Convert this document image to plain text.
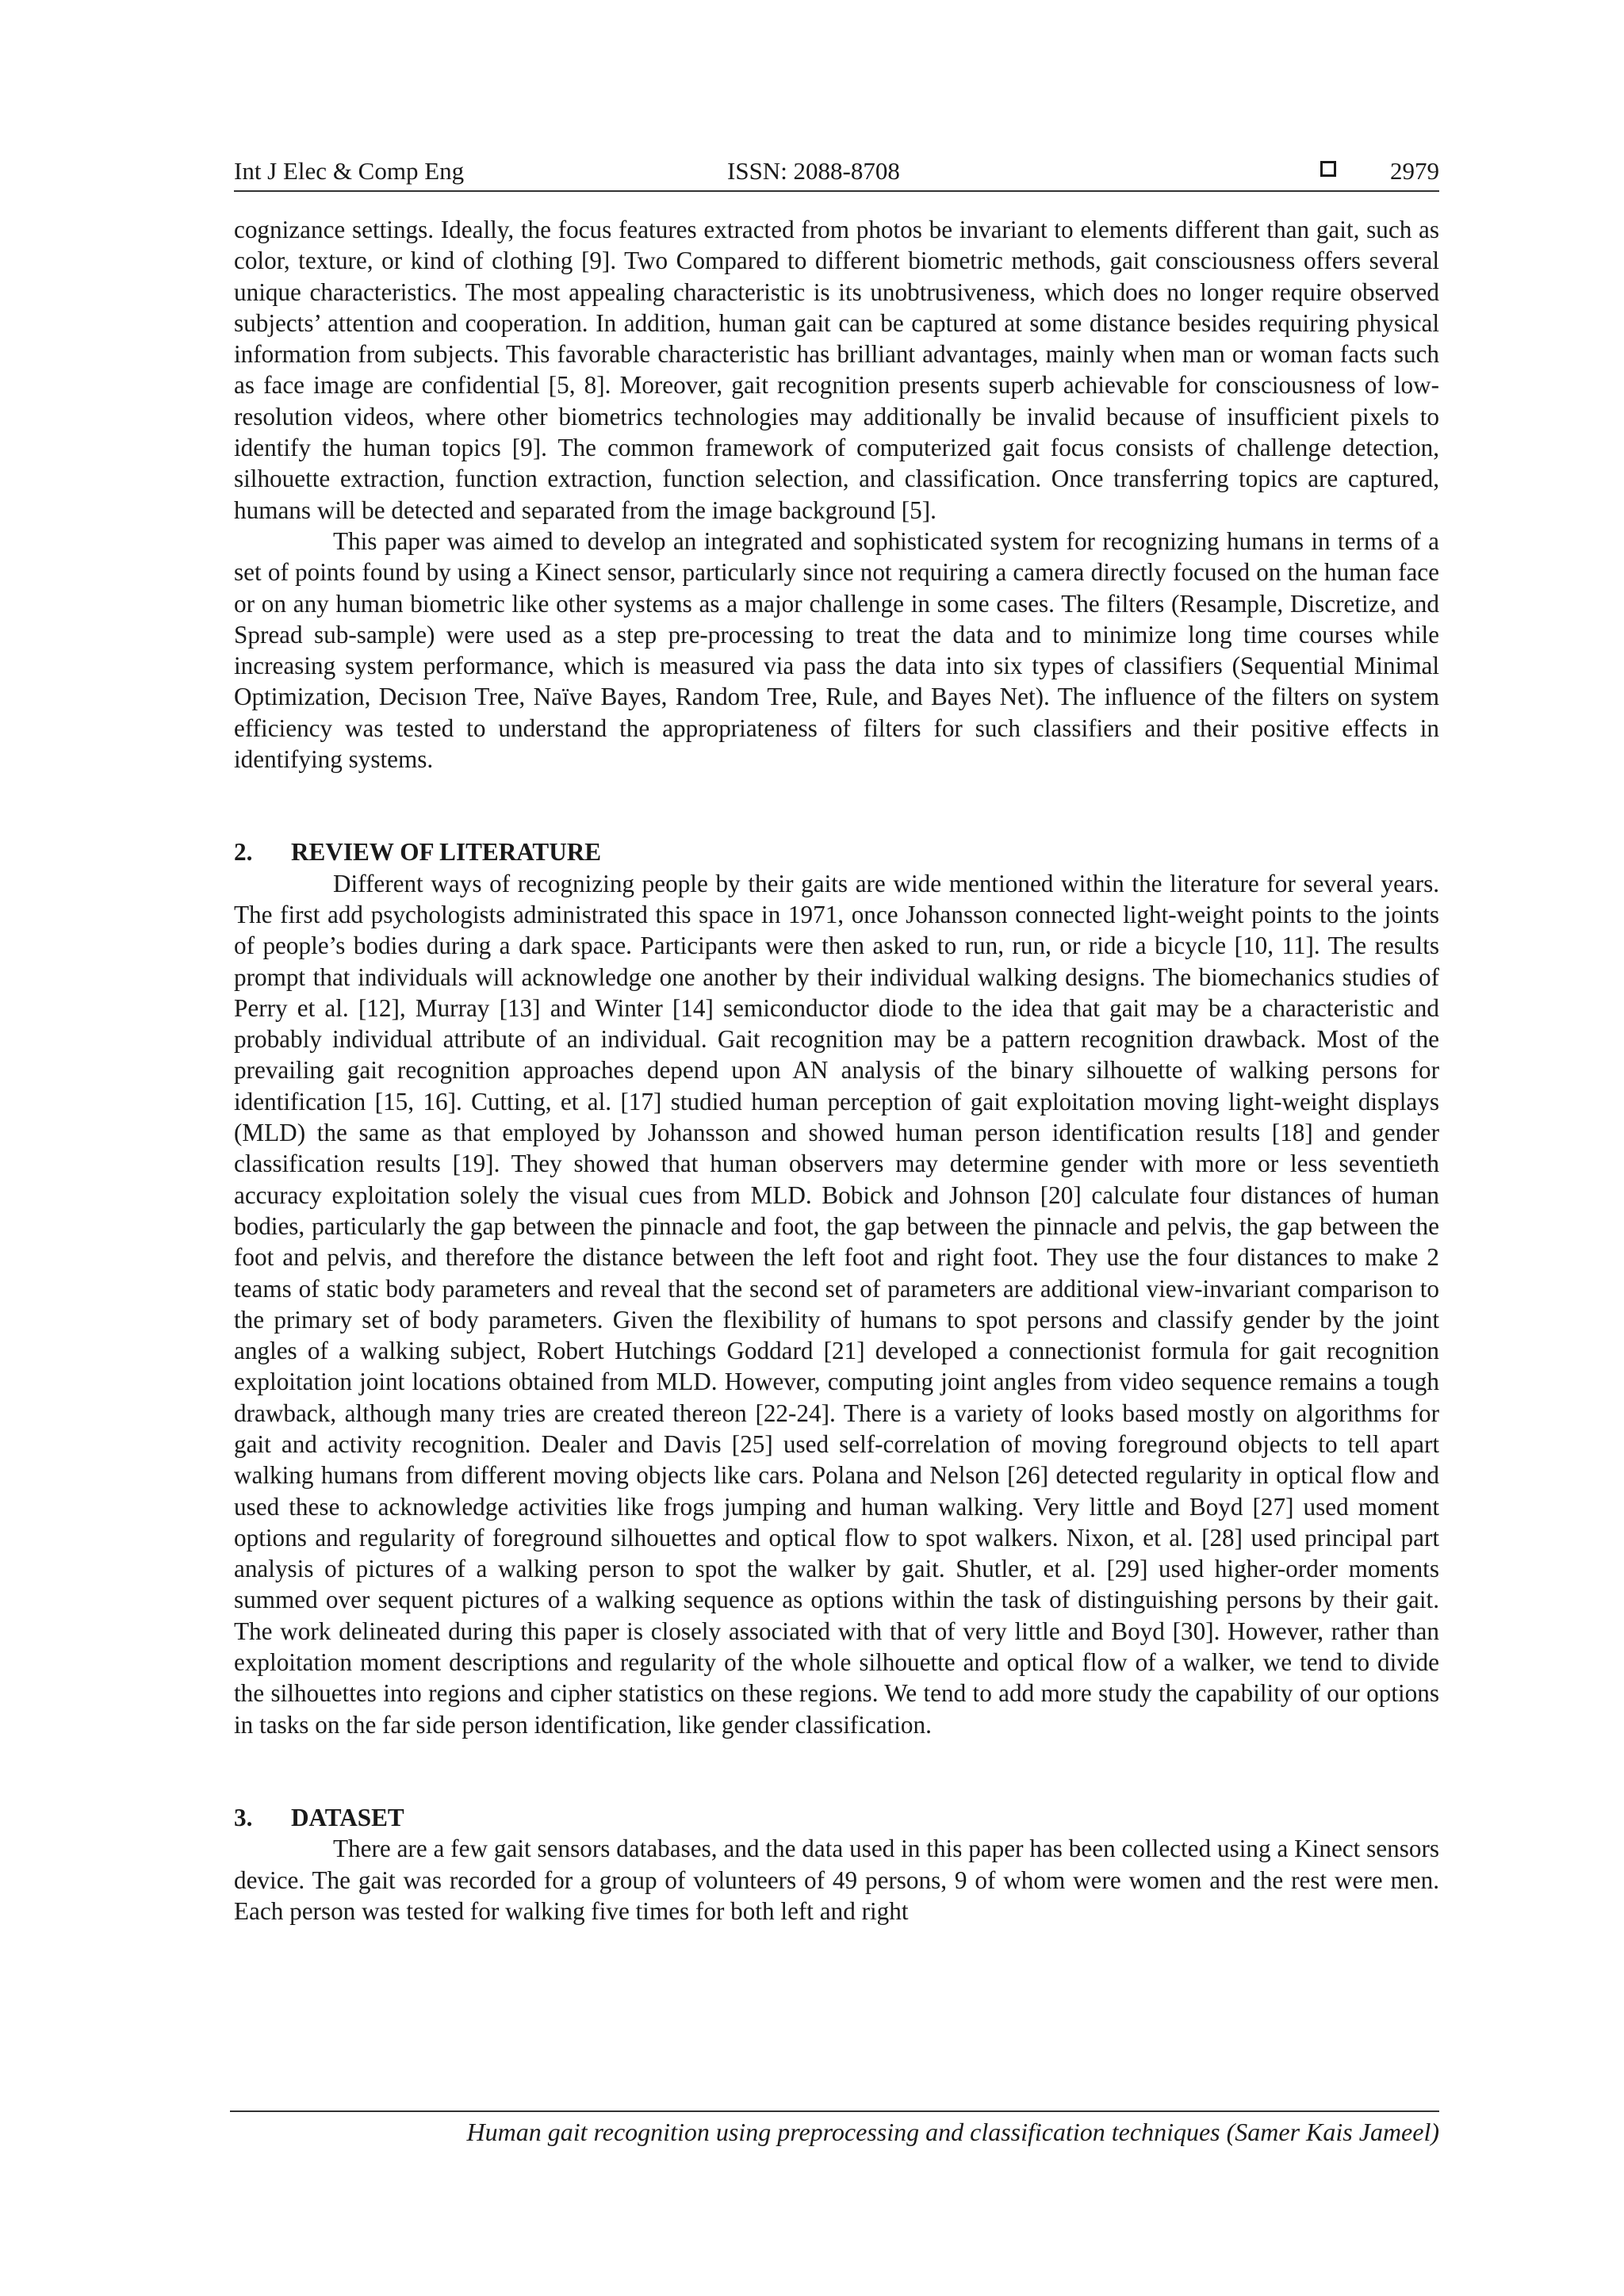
Int J Elec & Comp Eng	ISSN: 2088-8708	2979

cognizance settings. Ideally, the focus features extracted from photos be invariant to elements different than gait, such as color, texture, or kind of clothing [9]. Two Compared to different biometric methods, gait consciousness offers several unique characteristics. The most appealing characteristic is its unobtrusiveness, which does no longer require observed subjects’ attention and cooperation. In addition, human gait can be captured at some distance besides requiring physical information from subjects. This favorable characteristic has brilliant advantages, mainly when man or woman facts such as face image are confidential [5, 8]. Moreover, gait recognition presents superb achievable for consciousness of low-resolution videos, where other biometrics technologies may additionally be invalid because of insufficient pixels to identify the human topics [9]. The common framework of computerized gait focus consists of challenge detection, silhouette extraction, function extraction, function selection, and classification. Once transferring topics are captured, humans will be detected and separated from the image background [5].

This paper was aimed to develop an integrated and sophisticated system for recognizing humans in terms of a set of points found by using a Kinect sensor, particularly since not requiring a camera directly focused on the human face or on any human biometric like other systems as a major challenge in some cases. The filters (Resample, Discretize, and Spread sub-sample) were used as a step pre-processing to treat the data and to minimize long time courses while increasing system performance, which is measured via pass the data into six types of classifiers (Sequential Minimal Optimization, Decisıon Tree, Naïve Bayes, Random Tree, Rule, and Bayes Net). The influence of the filters on system efficiency was tested to understand the appropriateness of filters for such classifiers and their positive effects in identifying systems.

2. REVIEW OF LITERATURE

Different ways of recognizing people by their gaits are wide mentioned within the literature for several years. The first add psychologists administrated this space in 1971, once Johansson connected light-weight points to the joints of people’s bodies during a dark space. Participants were then asked to run, run, or ride a bicycle [10, 11]. The results prompt that individuals will acknowledge one another by their individual walking designs. The biomechanics studies of Perry et al. [12], Murray [13] and Winter [14] semiconductor diode to the idea that gait may be a characteristic and probably individual attribute of an individual. Gait recognition may be a pattern recognition drawback. Most of the prevailing gait recognition approaches depend upon AN analysis of the binary silhouette of walking persons for identification [15, 16]. Cutting, et al. [17] studied human perception of gait exploitation moving light-weight displays (MLD) the same as that employed by Johansson and showed human person identification results [18] and gender classification results [19]. They showed that human observers may determine gender with more or less seventieth accuracy exploitation solely the visual cues from MLD. Bobick and Johnson [20] calculate four distances of human bodies, particularly the gap between the pinnacle and foot, the gap between the pinnacle and pelvis, the gap between the foot and pelvis, and therefore the distance between the left foot and right foot. They use the four distances to make 2 teams of static body parameters and reveal that the second set of parameters are additional view-invariant comparison to the primary set of body parameters. Given the flexibility of humans to spot persons and classify gender by the joint angles of a walking subject, Robert Hutchings Goddard [21] developed a connectionist formula for gait recognition exploitation joint locations obtained from MLD. However, computing joint angles from video sequence remains a tough drawback, although many tries are created thereon [22-24]. There is a variety of looks based mostly on algorithms for gait and activity recognition. Dealer and Davis [25] used self-correlation of moving foreground objects to tell apart walking humans from different moving objects like cars. Polana and Nelson [26] detected regularity in optical flow and used these to acknowledge activities like frogs jumping and human walking. Very little and Boyd [27] used moment options and regularity of foreground silhouettes and optical flow to spot walkers. Nixon, et al. [28] used principal part analysis of pictures of a walking person to spot the walker by gait. Shutler, et al. [29] used higher-order moments summed over sequent pictures of a walking sequence as options within the task of distinguishing persons by their gait. The work delineated during this paper is closely associated with that of very little and Boyd [30]. However, rather than exploitation moment descriptions and regularity of the whole silhouette and optical flow of a walker, we tend to divide the silhouettes into regions and cipher statistics on these regions. We tend to add more study the capability of our options in tasks on the far side person identification, like gender classification.

3. DATASET

There are a few gait sensors databases, and the data used in this paper has been collected using a Kinect sensors device. The gait was recorded for a group of volunteers of 49 persons, 9 of whom were women and the rest were men. Each person was tested for walking five times for both left and right

Human gait recognition using preprocessing and classification techniques (Samer Kais Jameel)
